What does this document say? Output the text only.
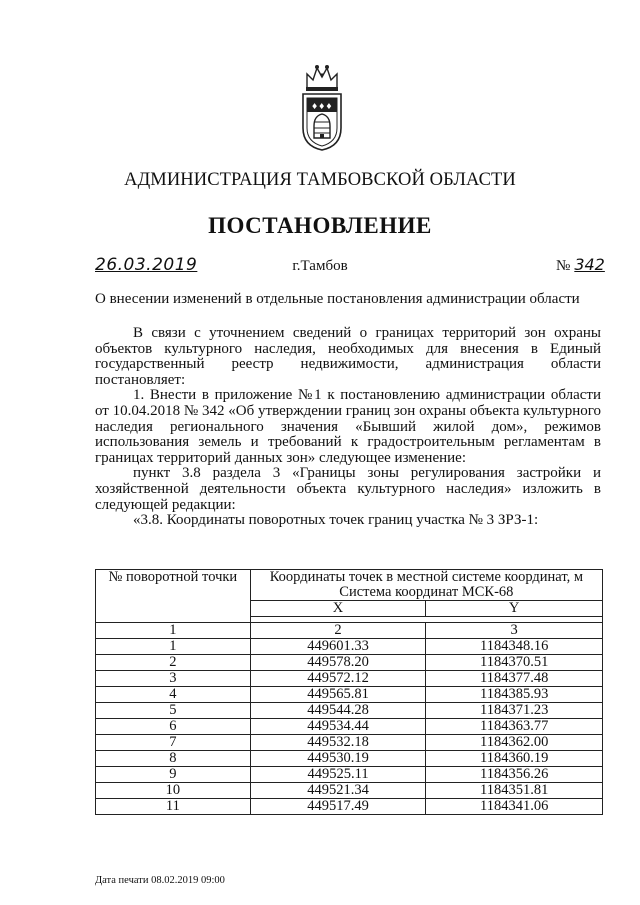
♦♦♦
АДМИНИСТРАЦИЯ ТАМБОВСКОЙ ОБЛАСТИ
ПОСТАНОВЛЕНИЕ
26.03.2019	г.Тамбов	№ 342
О внесении изменений в отдельные постановления администрации области

В связи с уточнением сведений о границах территорий зон охраны объектов культурного наследия, необходимых для внесения в Единый государственный реестр недвижимости, администрация области постановляет:

1. Внести в приложение №1 к постановлению администрации области от 10.04.2018 № 342 «Об утверждении границ зон охраны объекта культурного наследия регионального значения «Бывший жилой дом», режимов использования земель и требований к градостроительным регламентам в границах территорий данных зон» следующее изменение:

пункт 3.8 раздела 3 «Границы зоны регулирования застройки и хозяйственной деятельности объекта культурного наследия» изложить в следующей редакции:

«3.8. Координаты поворотных точек границ участка № 3 ЗРЗ-1:

№ поворотной точки	Координаты точек в местной системе координат, м
Система координат МСК-68	
	X	Y

1	2	3
1	449601.33	1184348.16
2	449578.20	1184370.51
3	449572.12	1184377.48
4	449565.81	1184385.93
5	449544.28	1184371.23
6	449534.44	1184363.77
7	449532.18	1184362.00
8	449530.19	1184360.19
9	449525.11	1184356.26
10	449521.34	1184351.81
11	449517.49	1184341.06
Дата печати 08.02.2019 09:00
